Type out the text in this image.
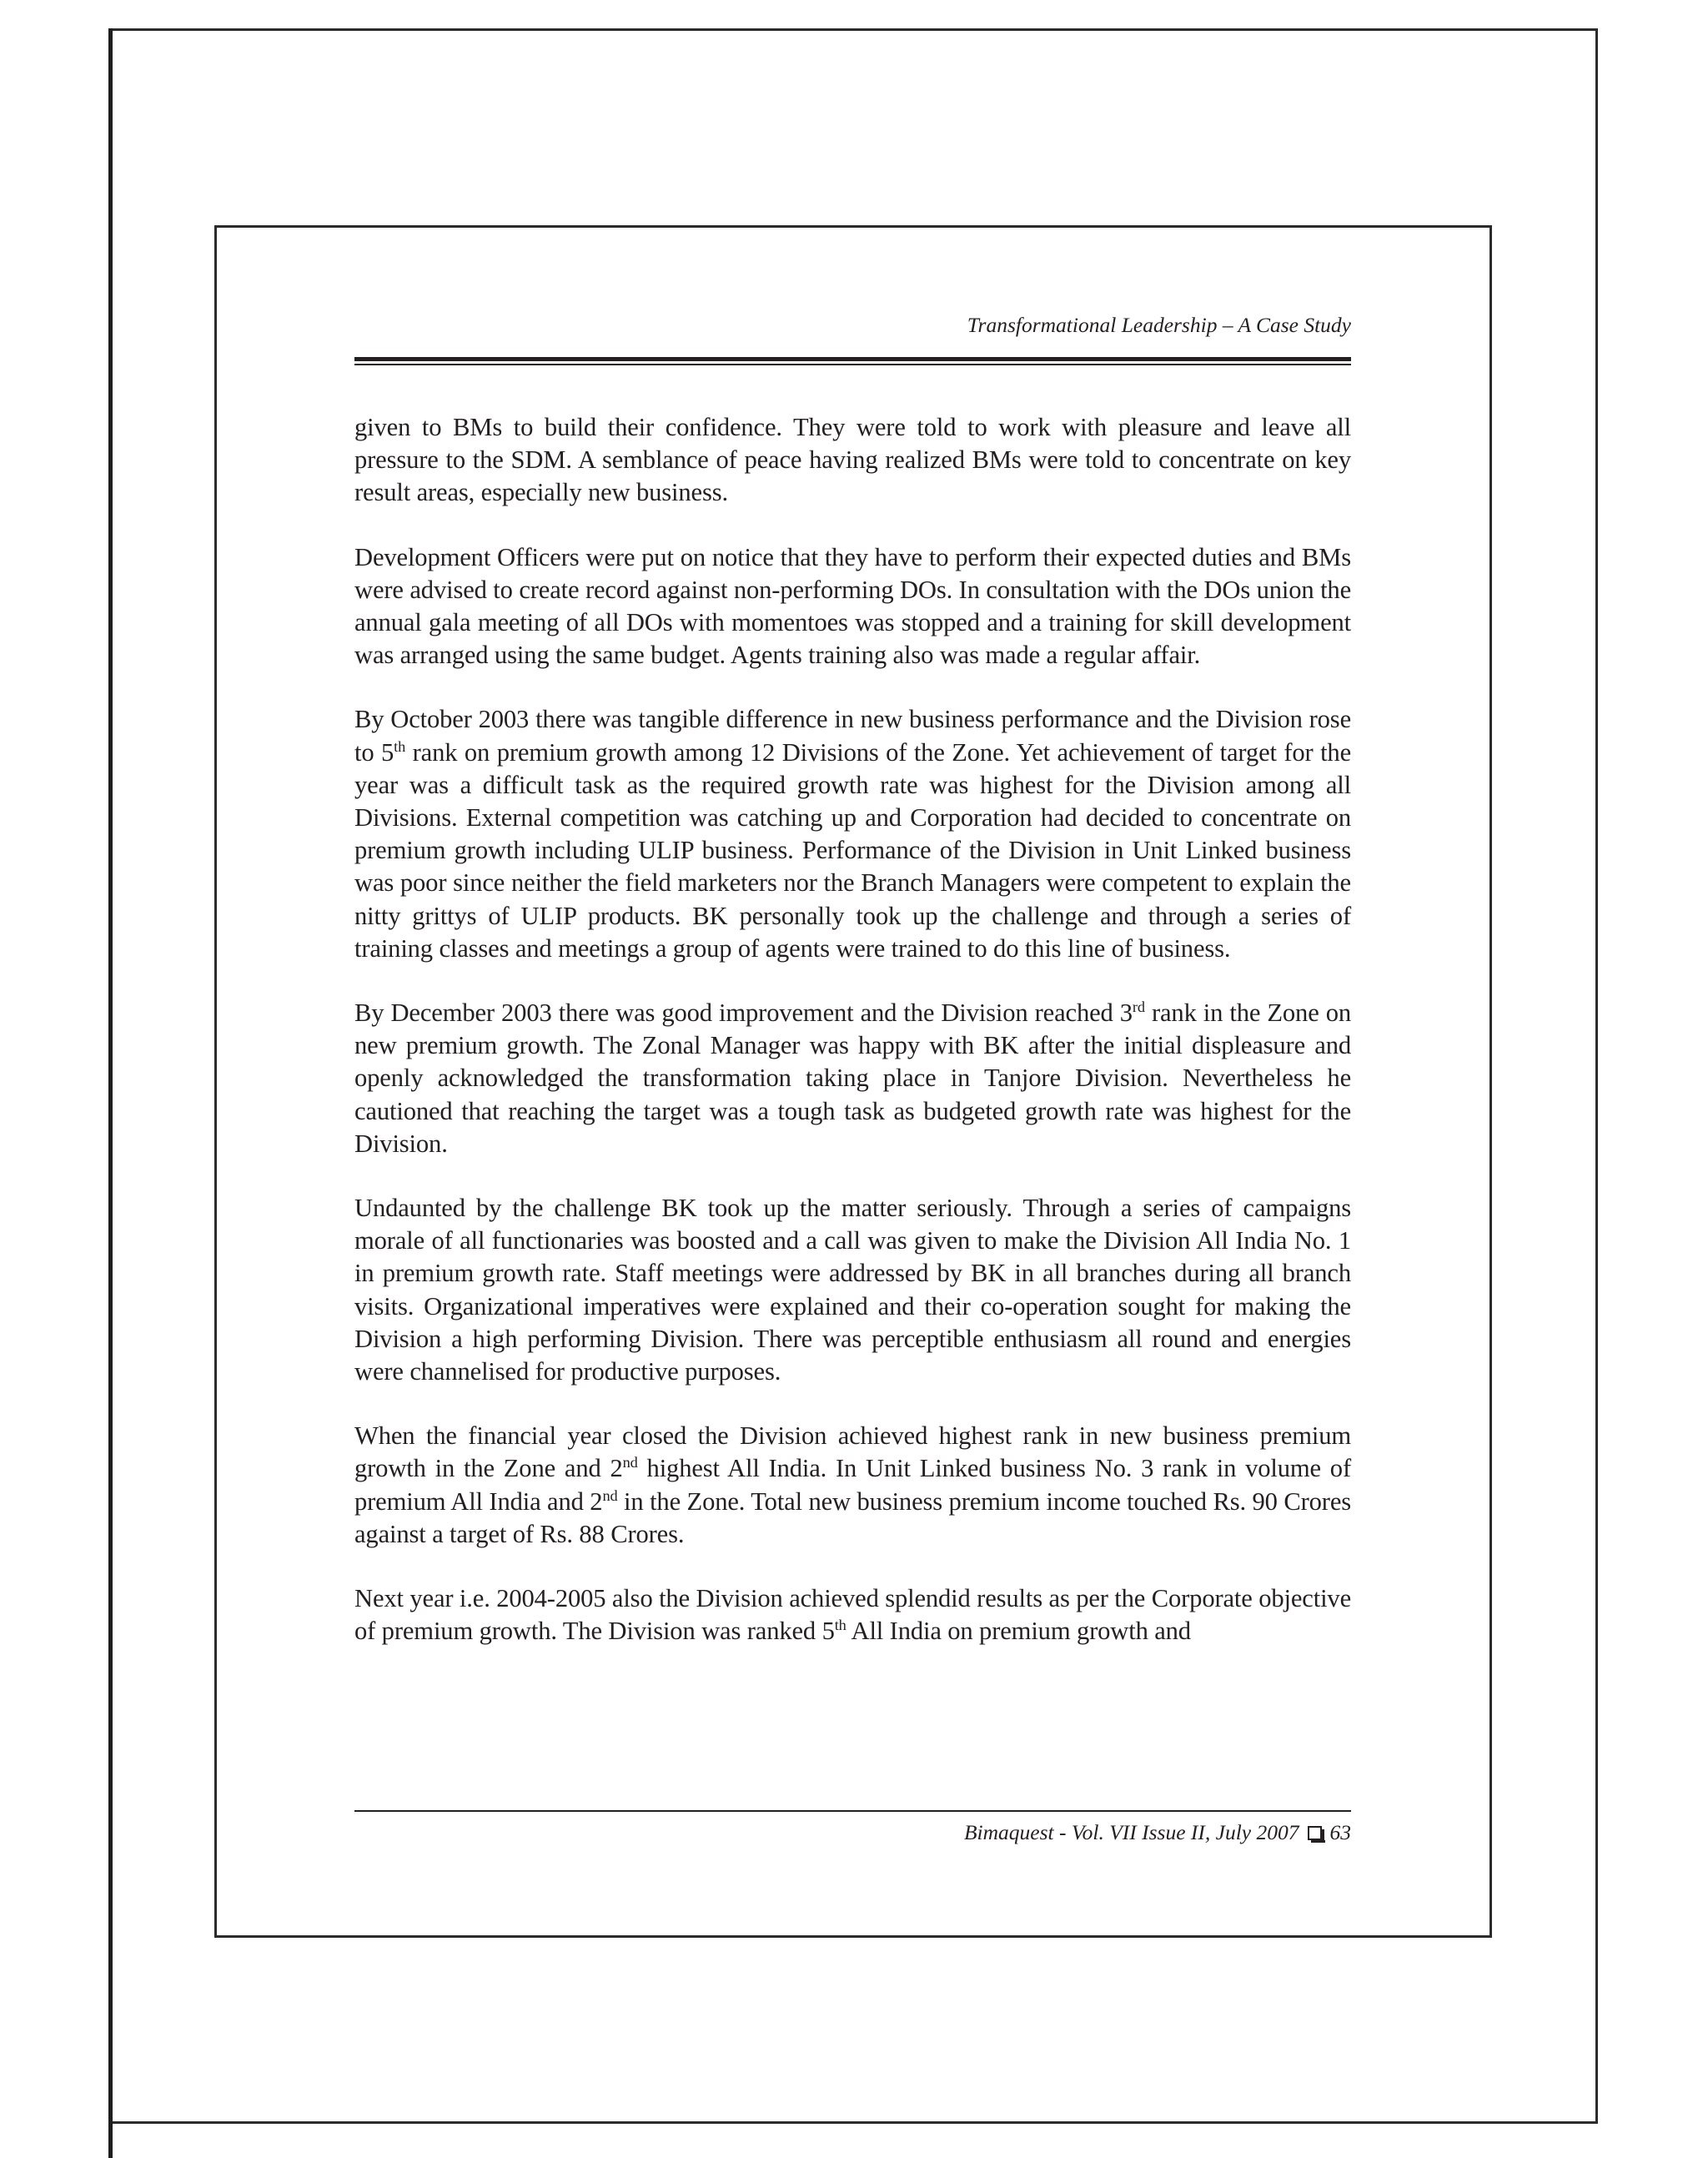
Transformational Leadership – A Case Study

given to BMs to build their confidence. They were told to work with pleasure and leave all pressure to the SDM. A semblance of peace having realized BMs were told to concentrate on key result areas, especially new business.

Development Officers were put on notice that they have to perform their expected duties and BMs were advised to create record against non-performing DOs. In consultation with the DOs union the annual gala meeting of all DOs with momentoes was stopped and a training for skill development was arranged using the same budget. Agents training also was made a regular affair.

By October 2003 there was tangible difference in new business performance and the Division rose to 5th rank on premium growth among 12 Divisions of the Zone. Yet achievement of target for the year was a difficult task as the required growth rate was highest for the Division among all Divisions. External competition was catching up and Corporation had decided to concentrate on premium growth including ULIP business. Performance of the Division in Unit Linked business was poor since neither the field marketers nor the Branch Managers were competent to explain the nitty grittys of ULIP products. BK personally took up the challenge and through a series of training classes and meetings a group of agents were trained to do this line of business.

By December 2003 there was good improvement and the Division reached 3rd rank in the Zone on new premium growth. The Zonal Manager was happy with BK after the initial displeasure and openly acknowledged the transformation taking place in Tanjore Division. Nevertheless he cautioned that reaching the target was a tough task as budgeted growth rate was highest for the Division.

Undaunted by the challenge BK took up the matter seriously. Through a series of campaigns morale of all functionaries was boosted and a call was given to make the Division All India No. 1 in premium growth rate. Staff meetings were addressed by BK in all branches during all branch visits. Organizational imperatives were explained and their co-operation sought for making the Division a high performing Division. There was perceptible enthusiasm all round and energies were channelised for productive purposes.

When the financial year closed the Division achieved highest rank in new business premium growth in the Zone and 2nd highest All India. In Unit Linked business No. 3 rank in volume of premium All India and 2nd in the Zone. Total new business premium income touched Rs. 90 Crores against a target of Rs. 88 Crores.

Next year i.e. 2004-2005 also the Division achieved splendid results as per the Corporate objective of premium growth. The Division was ranked 5th All India on premium growth and

Bimaquest - Vol. VII Issue II, July 2007 63
